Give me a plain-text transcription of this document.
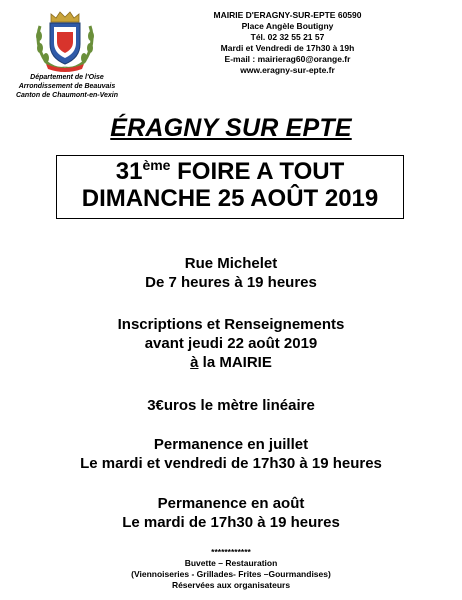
Département de l'Oise
Arrondissement de Beauvais
Canton de Chaumont-en-Vexin
MAIRIE D'ERAGNY-SUR-EPTE 60590
Place Angèle Boutigny
Tél. 02 32 55 21 57
Mardi et Vendredi de 17h30 à 19h
E-mail : mairierag60@orange.fr
www.eragny-sur-epte.fr
ÉRAGNY SUR EPTE
31ème FOIRE A TOUT
DIMANCHE 25 AOÛT 2019
Rue Michelet
De 7 heures à 19 heures
Inscriptions et Renseignements
avant jeudi 22 août 2019
à la MAIRIE
3€uros le mètre linéaire
Permanence en juillet
Le mardi et vendredi de 17h30 à 19 heures
Permanence en août
Le mardi de 17h30 à 19 heures
************
Buvette – Restauration
(Viennoiseries - Grillades- Frites –Gourmandises)
Réservées aux organisateurs
